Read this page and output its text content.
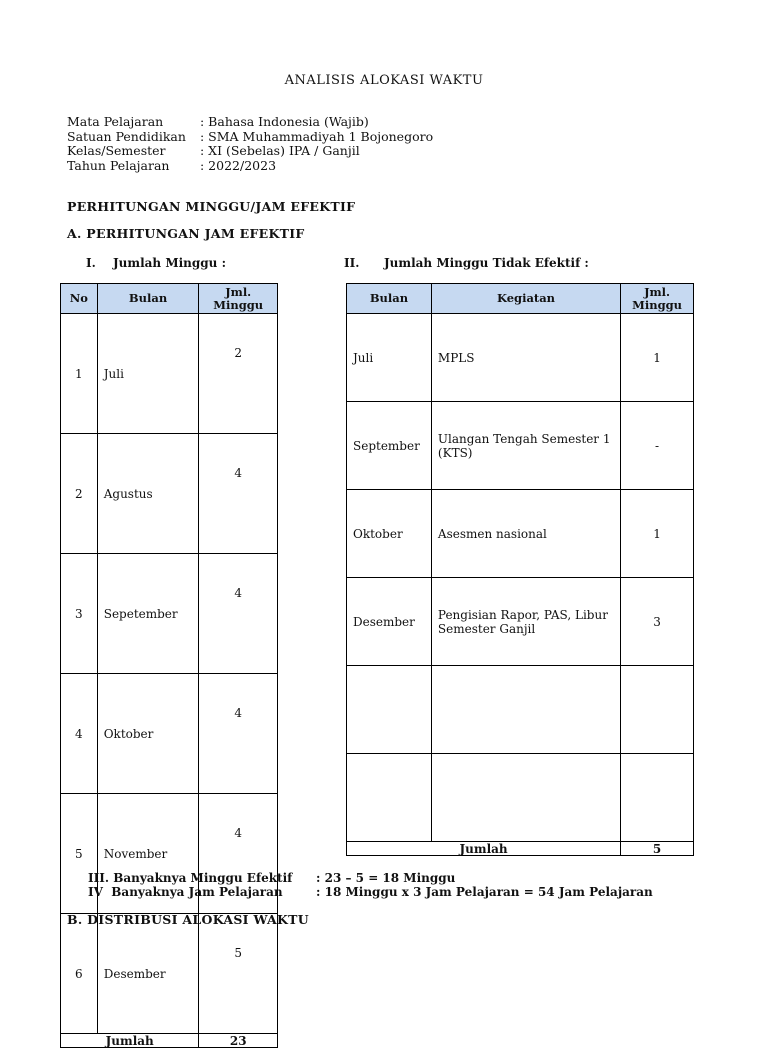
ANALISIS ALOKASI WAKTU
Mata Pelajaran	: Bahasa Indonesia (Wajib)
Satuan Pendidikan	: SMA Muhammadiyah 1 Bojonegoro
Kelas/Semester	: XI (Sebelas) IPA / Ganjil
Tahun Pelajaran	: 2022/2023
PERHITUNGAN MINGGU/JAM EFEKTIF
A. PERHITUNGAN JAM EFEKTIF
I. Jumlah Minggu :	II. Jumlah Minggu Tidak Efektif :
No	Bulan	Jml. Minggu
1	Juli	2
2	Agustus	4
3	Sepetember	4
4	Oktober	4
5	November	4
6	Desember	5
Jumlah		23
Bulan	Kegiatan	Jml. Minggu
Juli	MPLS	1
September	Ulangan Tengah Semester 1 (KTS)	-
Oktober	Asesmen nasional	1
Desember	Pengisian Rapor, PAS, Libur Semester Ganjil	3

Jumlah		5
III. Banyaknya Minggu Efektif : 23 – 5 = 18 Minggu
IV  Banyaknya Jam Pelajaran	: 18 Minggu x 3 Jam Pelajaran = 54 Jam Pelajaran
B. DISTRIBUSI ALOKASI WAKTU
